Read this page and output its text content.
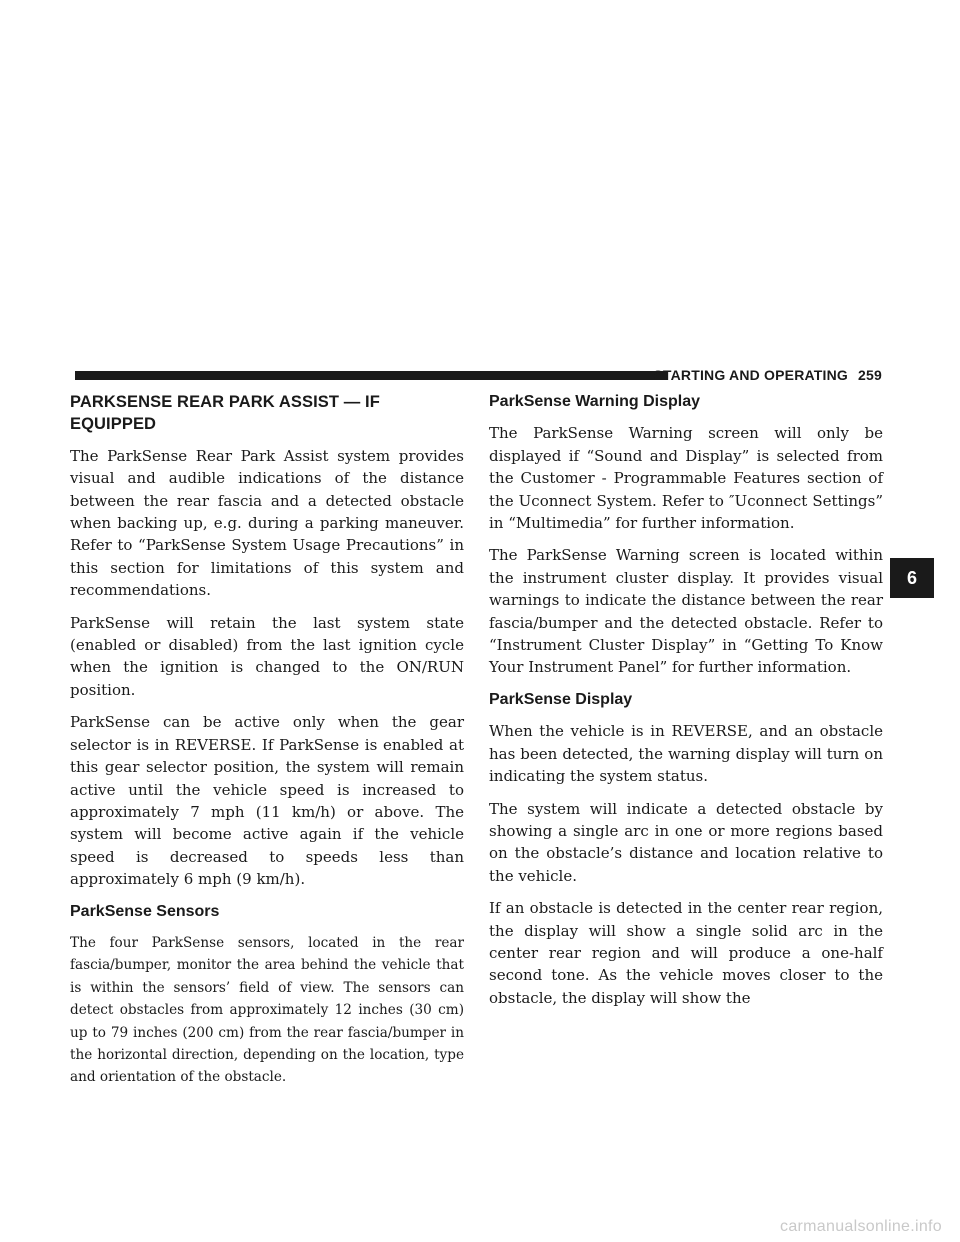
STARTING AND OPERATING 259
PARKSENSE REAR PARK ASSIST — IF EQUIPPED

The ParkSense Rear Park Assist system provides visual and audible indications of the distance between the rear fascia and a detected obstacle when backing up, e.g. during a parking maneuver. Refer to “ParkSense System Usage Precautions” in this section for limitations of this system and recommendations.

ParkSense will retain the last system state (enabled or disabled) from the last ignition cycle when the ignition is changed to the ON/RUN position.

ParkSense can be active only when the gear selector is in REVERSE. If ParkSense is enabled at this gear selector position, the system will remain active until the vehicle speed is increased to approximately 7 mph (11 km/h) or above. The system will become active again if the vehicle speed is decreased to speeds less than approximately 6 mph (9 km/h).

ParkSense Sensors

The four ParkSense sensors, located in the rear fascia/bumper, monitor the area behind the vehicle that is within the sensors’ field of view. The sensors can detect obstacles from approximately 12 inches (30 cm) up to 79 inches (200 cm) from the rear fascia/bumper in the horizontal direction, depending on the location, type and orientation of the obstacle.

ParkSense Warning Display

The ParkSense Warning screen will only be displayed if “Sound and Display” is selected from the Customer - Programmable Features section of the Uconnect System. Refer to ″Uconnect Settings” in “Multimedia” for further information.

The ParkSense Warning screen is located within the instrument cluster display. It provides visual warnings to indicate the distance between the rear fascia/bumper and the detected obstacle. Refer to “Instrument Cluster Display” in “Getting To Know Your Instrument Panel” for further information.

ParkSense Display

When the vehicle is in REVERSE, and an obstacle has been detected, the warning display will turn on indicating the system status.

The system will indicate a detected obstacle by showing a single arc in one or more regions based on the obstacle’s distance and location relative to the vehicle.

If an obstacle is detected in the center rear region, the display will show a single solid arc in the center rear region and will produce a one-half second tone. As the vehicle moves closer to the obstacle, the display will show the

6
carmanualsonline.info
